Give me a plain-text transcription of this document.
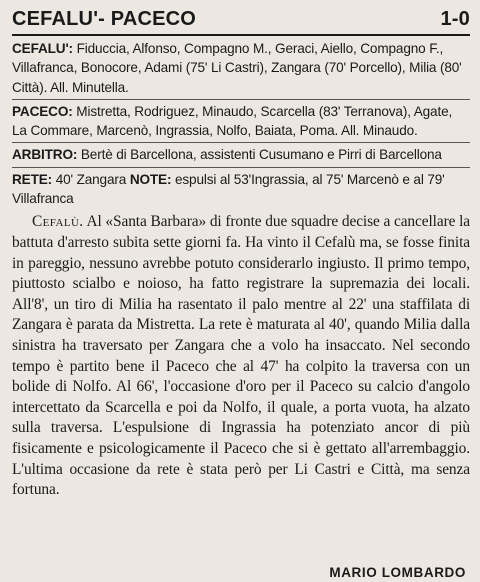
CEFALU'- PACECO	1-0

CEFALU': Fiduccia, Alfonso, Compagno M., Geraci, Aiello, Compagno F., Villafranca, Bonocore, Adami (75' Li Castri), Zangara (70' Porcello), Milia (80' Città). All. Minutella.

PACECO: Mistretta, Rodriguez, Minaudo, Scarcella (83' Terranova), Agate, La Commare, Marcenò, Ingrassia, Nolfo, Baiata, Poma. All. Minaudo.

ARBITRO: Bertè di Barcellona, assistenti Cusumano e Pirri di Barcellona

RETE: 40' Zangara NOTE: espulsi al 53'Ingrassia, al 75' Marcenò e al 79' Villafranca

Cefalù. Al «Santa Barbara» di fronte due squadre decise a cancellare la battuta d'arresto subita sette giorni fa. Ha vinto il Cefalù ma, se fosse finita in pareggio, nessuno avrebbe potuto considerarlo ingiusto. Il primo tempo, piuttosto scialbo e noioso, ha fatto registrare la supremazia dei locali. All'8', un tiro di Milia ha rasentato il palo mentre al 22' una staffilata di Zangara è parata da Mistretta. La rete è maturata al 40', quando Milia dalla sinistra ha traversato per Zangara che a volo ha insaccato. Nel secondo tempo è partito bene il Paceco che al 47' ha colpito la traversa con un bolide di Nolfo. Al 66', l'occasione d'oro per il Paceco su calcio d'angolo intercettato da Scarcella e poi da Nolfo, il quale, a porta vuota, ha alzato sulla traversa. L'espulsione di Ingrassia ha potenziato ancor di più fisicamente e psicologicamente il Paceco che si è gettato all'arrembaggio. L'ultima occasione da rete è stata però per Li Castri e Città, ma senza fortuna.
MARIO LOMBARDO
